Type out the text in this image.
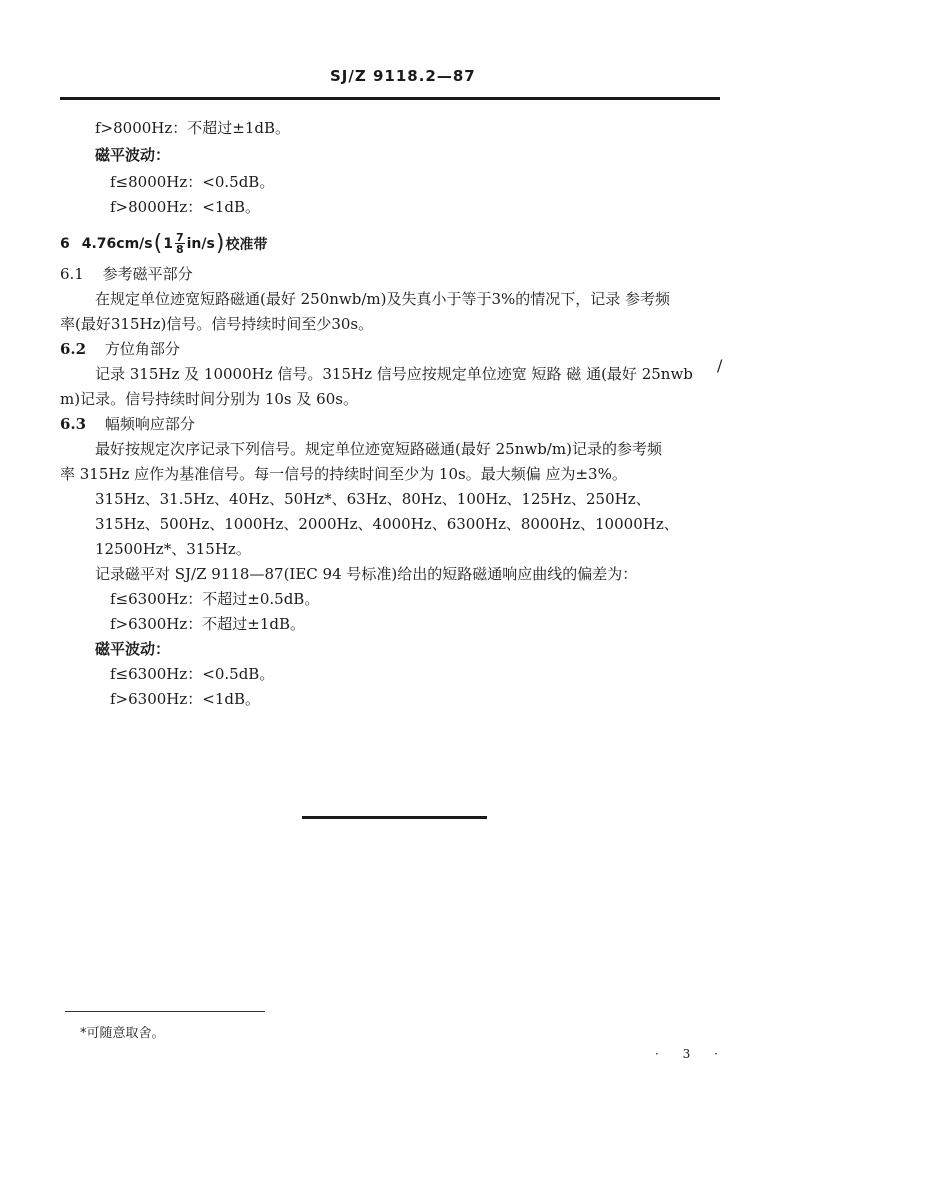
SJ/Z 9118.2—87
f>8000Hz：不超过±1dB。
磁平波动：
f≤8000Hz：<0.5dB。
f>8000Hz：<1dB。
6 4.76cm/s ( $1 \frac{7}{8} in/s$ ) 校准带
6.1 参考磁平部分
在规定单位迹宽短路磁通(最好 250nwb/m)及失真小于等于3%的情况下，记录 参考频
率(最好315Hz)信号。信号持续时间至少30s。
6.2 方位角部分
记录 315Hz 及 10000Hz 信号。315Hz 信号应按规定单位迹宽 短路 磁 通(最好 25nwb /
m)记录。信号持续时间分别为 10s 及 60s。
6.3 幅频响应部分
最好按规定次序记录下列信号。规定单位迹宽短路磁通(最好 25nwb/m)记录的参考频
率 315Hz 应作为基准信号。每一信号的持续时间至少为 10s。最大频偏 应为±3%。
315Hz、31.5Hz、40Hz、50Hz*、63Hz、80Hz、100Hz、125Hz、250Hz、
315Hz、500Hz、1000Hz、2000Hz、4000Hz、6300Hz、8000Hz、10000Hz、
12500Hz*、315Hz。
记录磁平对 SJ/Z 9118—87(IEC 94 号标准)给出的短路磁通响应曲线的偏差为：
f≤6300Hz：不超过±0.5dB。
f>6300Hz：不超过±1dB。
磁平波动：
f≤6300Hz：<0.5dB。
f>6300Hz：<1dB。
*可随意取舍。
· 3 ·
